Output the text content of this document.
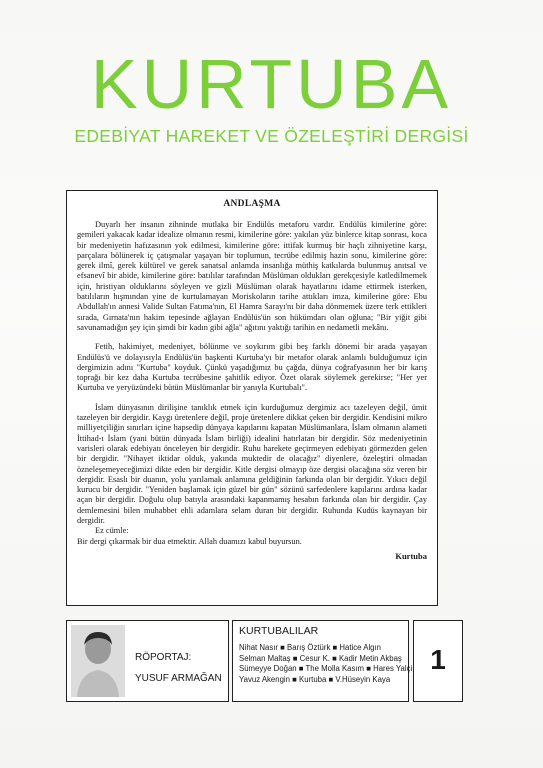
KURTUBA
EDEBİYAT HAREKET VE ÖZELEŞTİRİ DERGİSİ
ANDLAŞMA

Duyarlı her insanın zihninde mutlaka bir Endülüs metaforu vardır. Endülüs kimilerine göre: gemileri yakacak kadar idealize olmanın resmi, kimilerine göre: yakılan yüz binlerce kitap sonrası, koca bir medeniyetin hafızasının yok edilmesi, kimilerine göre: ittifak kurmuş bir haçlı zihniyetine karşı, parçalara bölünerek iç çatışmalar yaşayan bir toplumun, tecrübe edilmiş hazin sonu, kimilerine göre: gerek ilmî, gerek kültürel ve gerek sanatsal anlamda insanlığa müthiş katkılarda bulunmuş anıtsal ve efsanevî bir abide, kimilerine göre: batılılar tarafından Müslüman oldukları gerekçesiyle katledilmemek için, hristiyan olduklarını söyleyen ve gizli Müslüman olarak hayatlarını idame ettirmek isterken, batılıların hışmından yine de kurtulamayan Moriskoların tarihe attıkları imza, kimilerine göre: Ebu Abdullah'ın annesi Valide Sultan Fatıma'nın, El Hamra Sarayı'nı bir daha dönmemek üzere terk ettikleri sırada, Gırnata'nın hakim tepesinde ağlayan Endülüs'ün son hükümdarı olan oğluna; "Bir yiğit gibi savunamadığın şey için şimdi bir kadın gibi ağla" ağıtını yaktığı tarihin en nedametli mekânı.

Fetih, hakimiyet, medeniyet, bölünme ve soykırım gibi beş farklı dönemi bir arada yaşayan Endülüs'ü ve dolayısıyla Endülüs'ün başkenti Kurtuba'yı bir metafor olarak anlamlı bulduğumuz için dergimizin adını "Kurtuba" koyduk. Çünkü yaşadığımız bu çağda, dünya coğrafyasının her bir karış toprağı bir kez daha Kurtuba tecrübesine şahitlik ediyor. Özet olarak söylemek gerekirse; "Her yer Kurtuba ve yeryüzündeki bütün Müslümanlar bir yanıyla Kurtubalı".

İslam dünyasının dirilişine tanıklık etmek için kurduğumuz dergimiz acı tazeleyen değil, ümit tazeleyen bir dergidir. Kaygı üretenlere değil, proje üretenlere dikkat çeken bir dergidir. Kendisini mikro milliyetçiliğin sınırları içine hapsedip dünyaya kapılarını kapatan Müslümanlara, İslam olmanın alameti İttihad-ı İslam (yani bütün dünyada İslam birliği) idealini hatırlatan bir dergidir. Söz medeniyetinin varisleri olarak edebiyatı önceleyen bir dergidir. Ruhu harekete geçirmeyen edebiyatı görmezden gelen bir dergidir. "Nihayet iktidar olduk, yakında muktedir de olacağız" diyenlere, özeleştiri olmadan özneleşemeyeceğimizi dikte eden bir dergidir. Kitle dergisi olmayıp öze dergisi olacağına söz veren bir dergidir. Esaslı bir duanın, yolu yarılamak anlamına geldiğinin farkında olan bir dergidir. Yıkıcı değil kurucu bir dergidir. "Yeniden başlamak için güzel bir gün" sözünü sarfedenlere kapılarını ardına kadar açan bir dergidir. Doğulu olup batıyla arasındaki kapanmamış hesabın farkında olan bir dergidir. Çay demlemesini bilen muhabbet ehli adamlara selam duran bir dergidir. Ruhunda Kudüs kaynayan bir dergidir.

Ez cümle:

Bir dergi çıkarmak bir dua etmektir. Allah duamızı kabul buyursun.

Kurtuba
RÖPORTAJ:
YUSUF ARMAĞAN
KURTUBALILAR
Nihat Nasır ■ Barış Öztürk ■ Hatice Algın
Selman Maltaş ■ Cesur K. ■ Kadir Metin Akbaş
Sümeyye Doğan ■ The Molla Kasım ■ Hares Yalçi
Yavuz Akengin ■ Kurtuba ■ V.Hüseyin Kaya
1
